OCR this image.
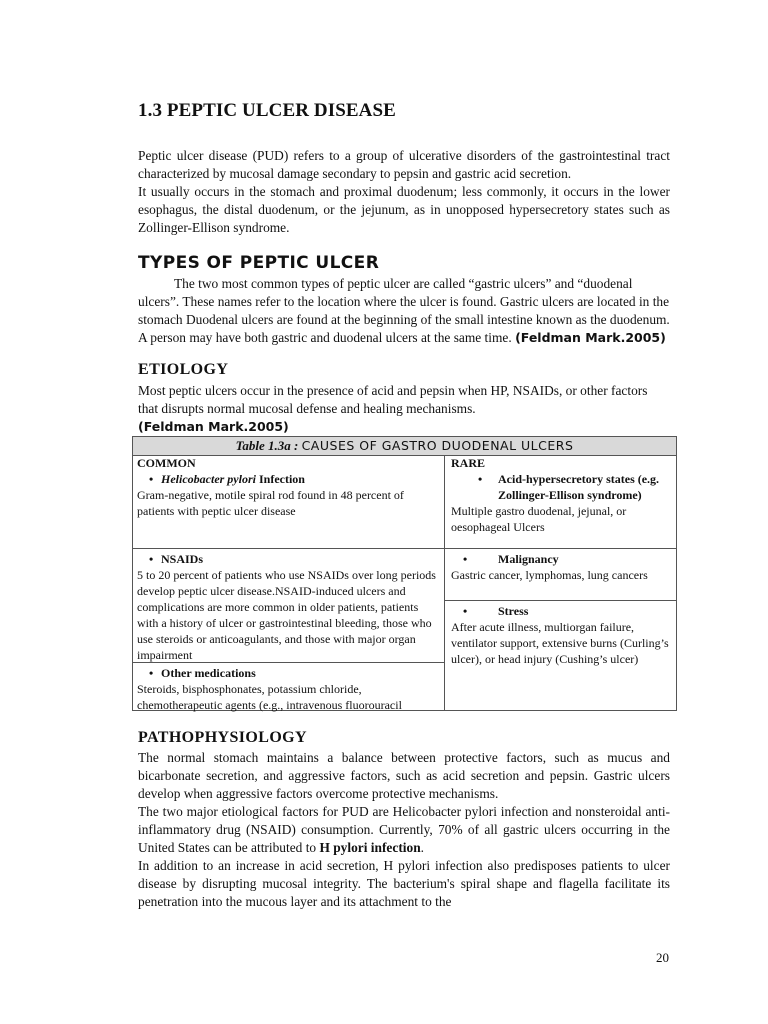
1.3 PEPTIC ULCER DISEASE

Peptic ulcer disease (PUD) refers to a group of ulcerative disorders of the gastrointestinal tract characterized by mucosal damage secondary to pepsin and gastric acid secretion.

It usually occurs in the stomach and proximal duodenum; less commonly, it occurs in the lower esophagus, the distal duodenum, or the jejunum, as in unopposed hypersecretory states such as Zollinger-Ellison syndrome.

TYPES OF PEPTIC ULCER

The two most common types of peptic ulcer are called “gastric ulcers” and “duodenal ulcers”. These names refer to the location where the ulcer is found. Gastric ulcers are located in the stomach Duodenal ulcers are found at the beginning of the small intestine known as the duodenum. A person may have both gastric and duodenal ulcers at the same time. (Feldman Mark.2005)

ETIOLOGY

Most peptic ulcers occur in the presence of acid and pepsin when HP, NSAIDs, or other factors that disrupts normal mucosal defense and healing mechanisms.

(Feldman Mark.2005)

Table 1.3a : CAUSES OF GASTRO DUODENAL ULCERS
COMMON
• Helicobacter pylori Infection
Gram-negative, motile spiral rod found in 48 percent of patients with peptic ulcer disease
RARE
• Acid-hypersecretory states (e.g. Zollinger-Ellison syndrome)
Multiple gastro duodenal, jejunal, or oesophageal Ulcers
• NSAIDs
5 to 20 percent of patients who use NSAIDs over long periods develop peptic ulcer disease.NSAID-induced ulcers and complications are more common in older patients, patients with a history of ulcer or gastrointestinal bleeding, those who use steroids or anticoagulants, and those with major organ impairment
• Malignancy
Gastric cancer, lymphomas, lung cancers
• Stress
After acute illness, multiorgan failure, ventilator support, extensive burns (Curling’s ulcer), or head injury (Cushing’s ulcer)
• Other medications
Steroids, bisphosphonates, potassium chloride, chemotherapeutic agents (e.g., intravenous fluorouracil
PATHOPHYSIOLOGY

The normal stomach maintains a balance between protective factors, such as mucus and bicarbonate secretion, and aggressive factors, such as acid secretion and pepsin. Gastric ulcers develop when aggressive factors overcome protective mechanisms.

The two major etiological factors for PUD are Helicobacter pylori infection and nonsteroidal anti-inflammatory drug (NSAID) consumption. Currently, 70% of all gastric ulcers occurring in the United States can be attributed to H pylori infection.

In addition to an increase in acid secretion, H pylori infection also predisposes patients to ulcer disease by disrupting mucosal integrity. The bacterium's spiral shape and flagella facilitate its penetration into the mucous layer and its attachment to the

20
